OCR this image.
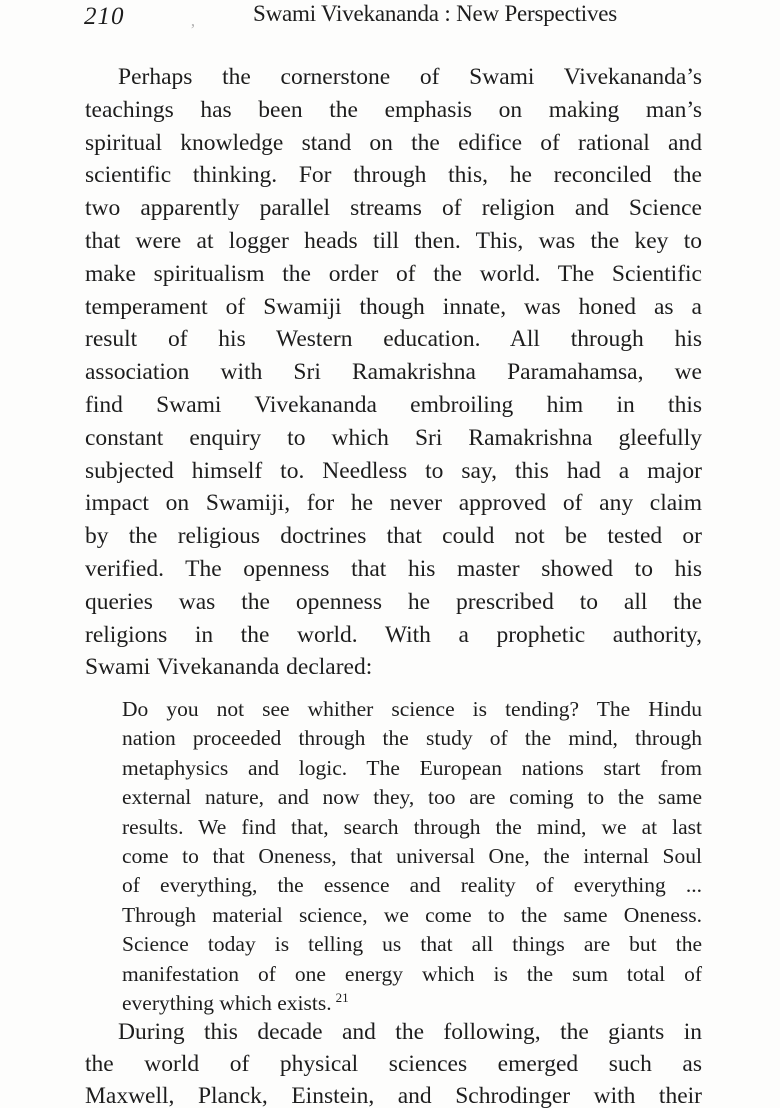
210	’
Swami Vivekananda : New Perspectives
Perhaps the cornerstone of Swami Vivekananda’s
teachings has been the emphasis on making man’s
spiritual knowledge stand on the edifice of rational and
scientific thinking. For through this, he reconciled the
two apparently parallel streams of religion and Science
that were at logger heads till then. This, was the key to
make spiritualism the order of the world. The Scientific
temperament of Swamiji though innate, was honed as a
result of his Western education. All through his
association with Sri Ramakrishna Paramahamsa, we
find Swami Vivekananda embroiling him in this
constant enquiry to which Sri Ramakrishna gleefully
subjected himself to. Needless to say, this had a major
impact on Swamiji, for he never approved of any claim
by the religious doctrines that could not be tested or
verified. The openness that his master showed to his
queries was the openness he prescribed to all the
religions in the world. With a prophetic authority,
Swami Vivekananda declared:
Do you not see whither science is tending? The Hindu
nation proceeded through the study of the mind, through
metaphysics and logic. The European nations start from
external nature, and now they, too are coming to the same
results. We find that, search through the mind, we at last
come to that Oneness, that universal One, the internal Soul
of everything, the essence and reality of everything ...
Through material science, we come to the same Oneness.
Science today is telling us that all things are but the
manifestation of one energy which is the sum total of
everything which exists. $^{21}$
During this decade and the following, the giants in
the world of physical sciences emerged such as
Maxwell, Planck, Einstein, and Schrodinger with their
